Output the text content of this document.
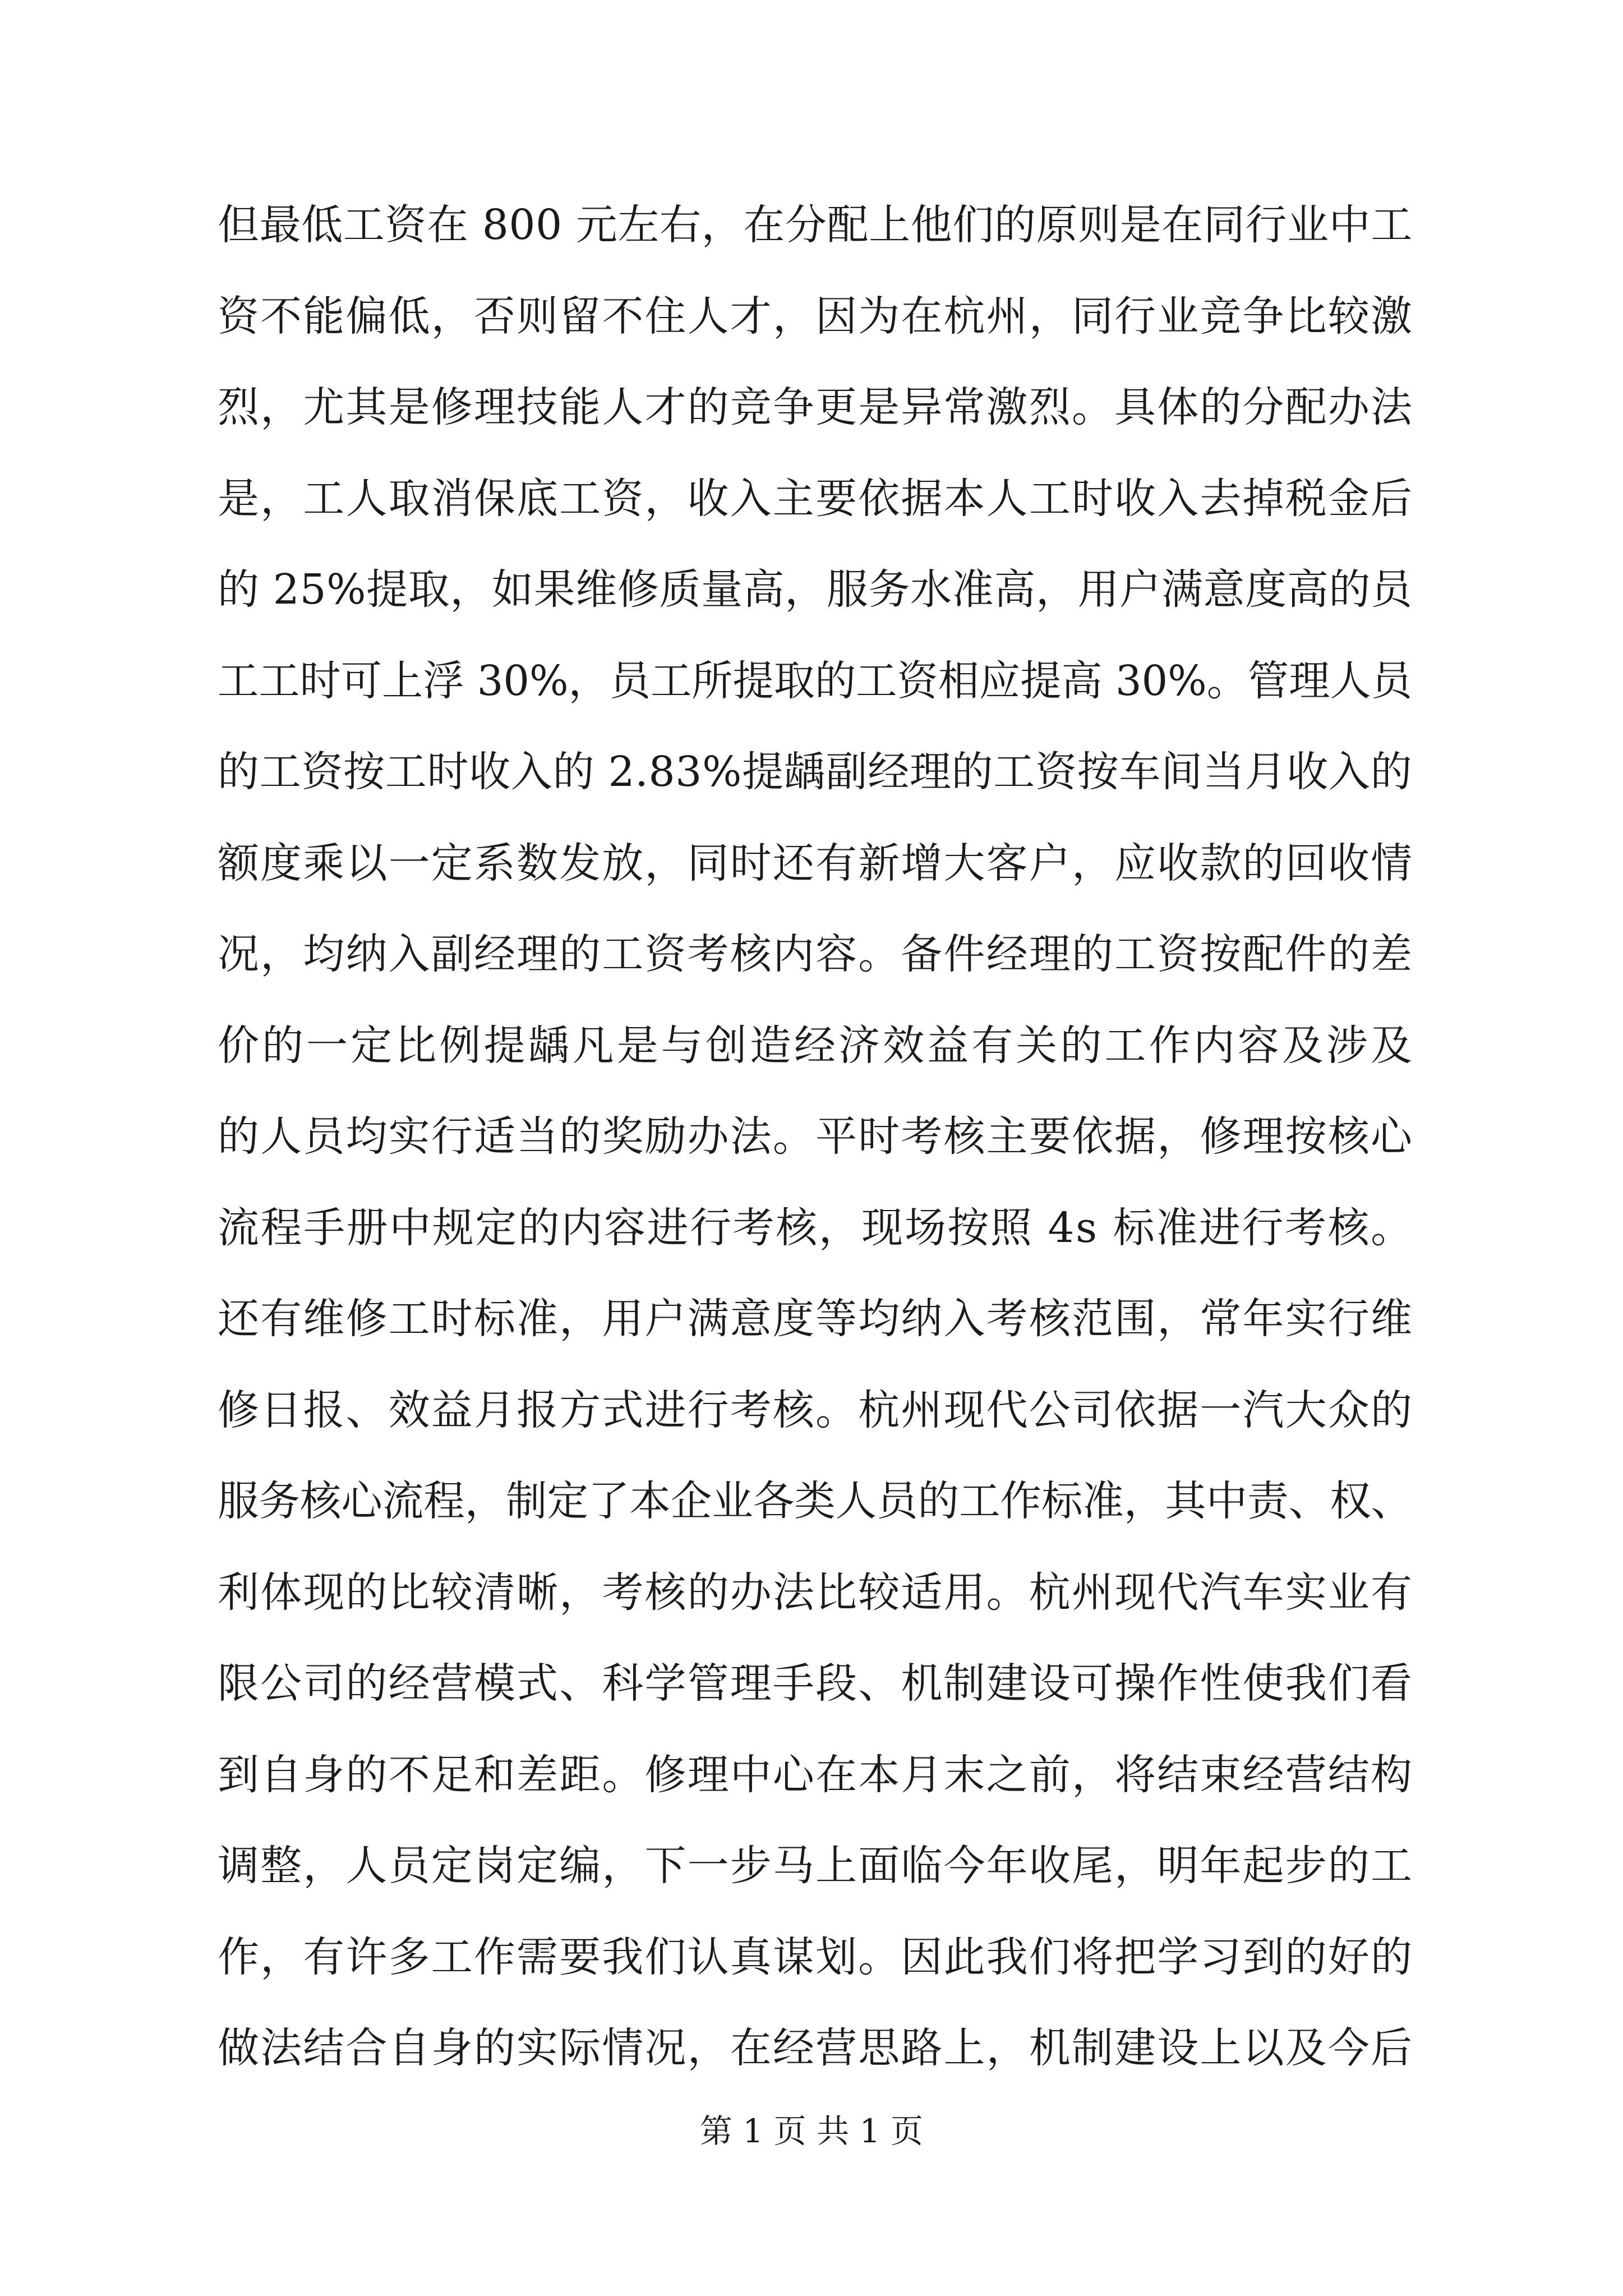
但最低工资在 800 元左右，在分配上他们的原则是在同行业中工
资不能偏低，否则留不住人才，因为在杭州，同行业竞争比较激
烈，尤其是修理技能人才的竞争更是异常激烈。具体的分配办法
是，工人取消保底工资，收入主要依据本人工时收入去掉税金后
的 25%提取，如果维修质量高，服务水准高，用户满意度高的员
工工时可上浮 30%，员工所提取的工资相应提高 30%。管理人员
的工资按工时收入的 2.83%提龋副经理的工资按车间当月收入的
额度乘以一定系数发放，同时还有新增大客户，应收款的回收情
况，均纳入副经理的工资考核内容。备件经理的工资按配件的差
价的一定比例提龋凡是与创造经济效益有关的工作内容及涉及
的人员均实行适当的奖励办法。平时考核主要依据，修理按核心
流程手册中规定的内容进行考核，现场按照 4s 标准进行考核。
还有维修工时标准，用户满意度等均纳入考核范围，常年实行维
修日报、效益月报方式进行考核。杭州现代公司依据一汽大众的
服务核心流程，制定了本企业各类人员的工作标准，其中责、权、
利体现的比较清晰，考核的办法比较适用。杭州现代汽车实业有
限公司的经营模式、科学管理手段、机制建设可操作性使我们看
到自身的不足和差距。修理中心在本月末之前，将结束经营结构
调整，人员定岗定编，下一步马上面临今年收尾，明年起步的工
作，有许多工作需要我们认真谋划。因此我们将把学习到的好的
做法结合自身的实际情况，在经营思路上，机制建设上以及今后
第 1 页 共 1 页
